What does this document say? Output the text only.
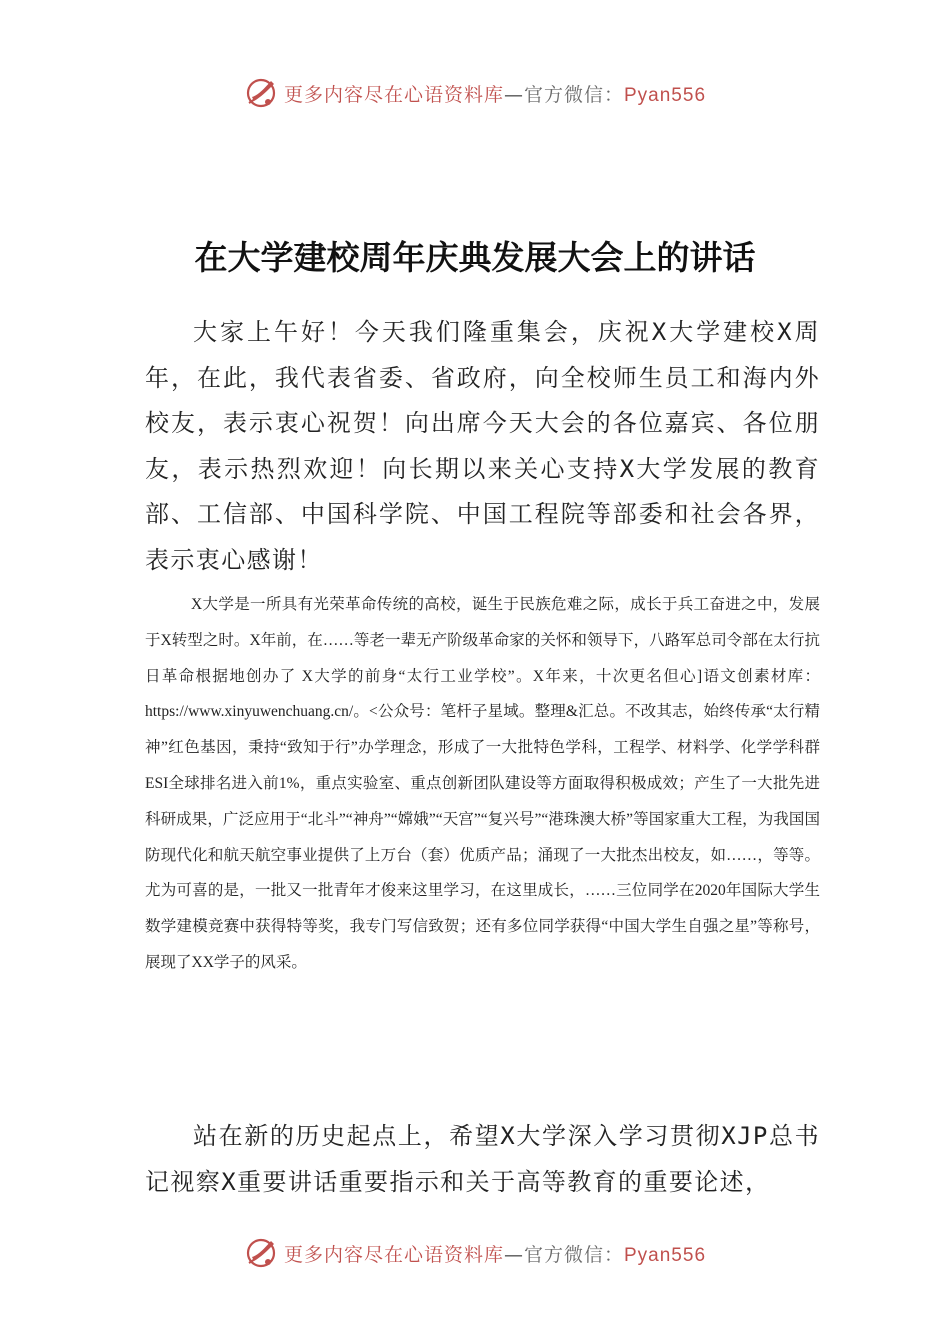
更多内容尽在心语资料库—官方微信：Pyan556
在大学建校周年庆典发展大会上的讲话
大家上午好！今天我们隆重集会，庆祝X大学建校X周年，在此，我代表省委、省政府，向全校师生员工和海内外校友，表示衷心祝贺！向出席今天大会的各位嘉宾、各位朋友，表示热烈欢迎！向长期以来关心支持X大学发展的教育部、工信部、中国科学院、中国工程院等部委和社会各界，表示衷心感谢！
X大学是一所具有光荣革命传统的高校，诞生于民族危难之际，成长于兵工奋进之中，发展于X转型之时。X年前，在……等老一辈无产阶级革命家的关怀和领导下，八路军总司令部在太行抗日革命根据地创办了 X大学的前身“太行工业学校”。X年来，十次更名但心]语文创素材库：https://www.xinyuwenchuang.cn/。<公众号：笔杆子星域。整理&汇总。不改其志，始终传承“太行精神”红色基因，秉持“致知于行”办学理念，形成了一大批特色学科，工程学、材料学、化学学科群ESI全球排名进入前1%，重点实验室、重点创新团队建设等方面取得积极成效；产生了一大批先进科研成果，广泛应用于“北斗”“神舟”“嫦娥”“天宫”“复兴号”“港珠澳大桥”等国家重大工程，为我国国防现代化和航天航空事业提供了上万台（套）优质产品；涌现了一大批杰出校友，如……，等等。尤为可喜的是，一批又一批青年才俊来这里学习，在这里成长，……三位同学在2020年国际大学生数学建模竞赛中获得特等奖，我专门写信致贺；还有多位同学获得“中国大学生自强之星”等称号，展现了XX学子的风采。
站在新的历史起点上，希望X大学深入学习贯彻XJP总书记视察X重要讲话重要指示和关于高等教育的重要论述，
更多内容尽在心语资料库—官方微信：Pyan556
